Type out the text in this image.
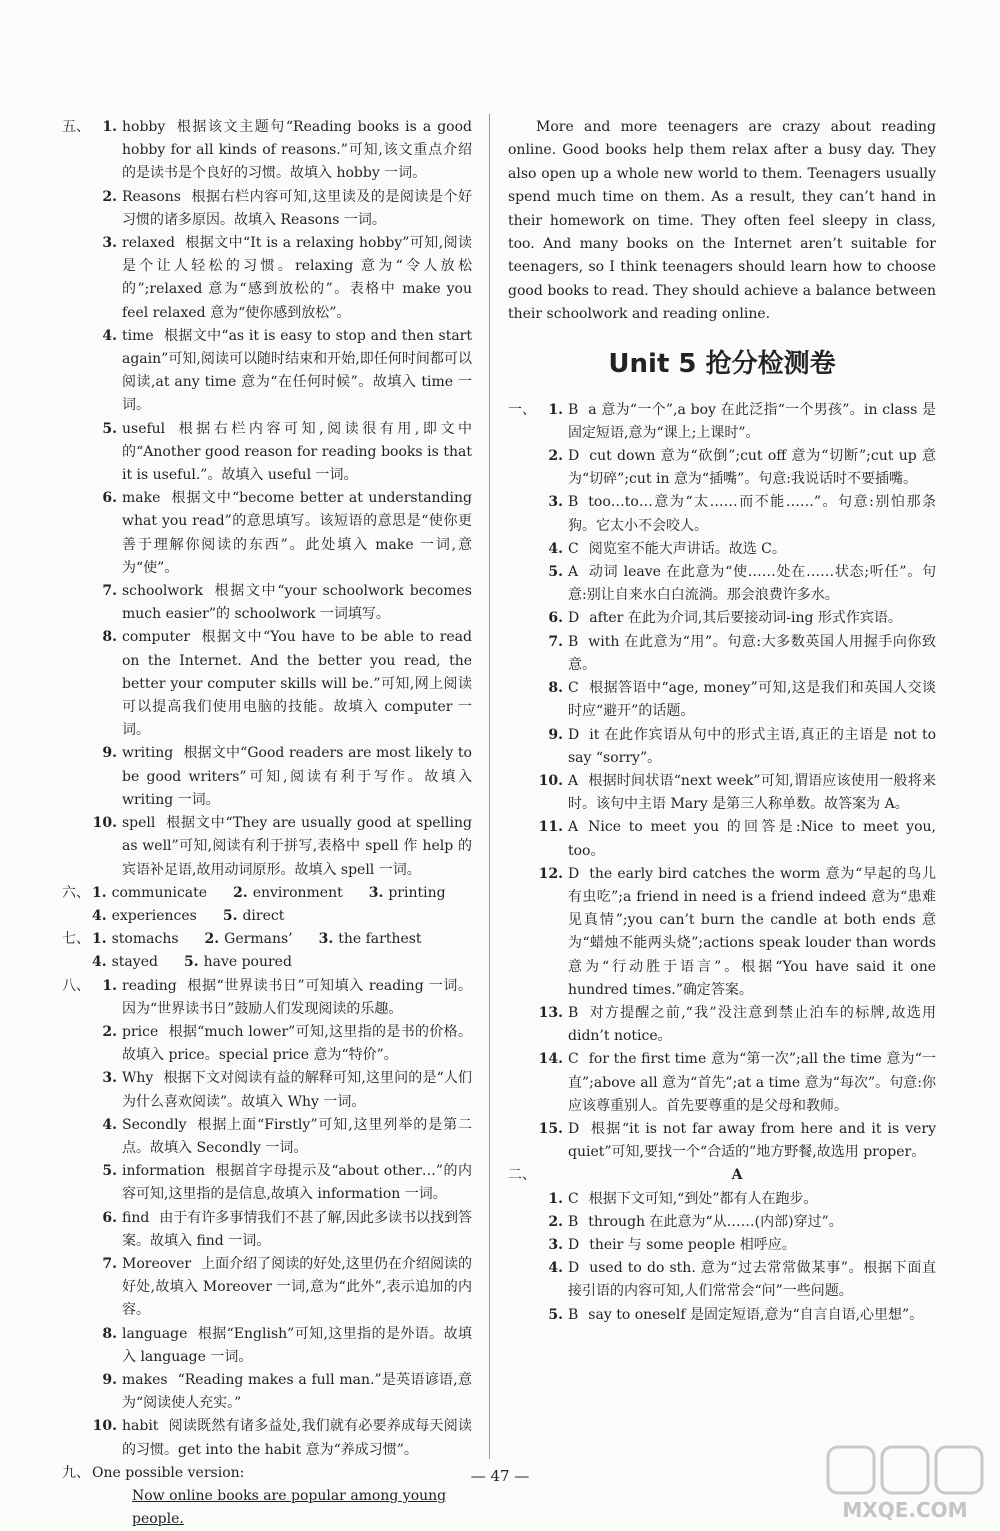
五、 1. hobby 根据该文主题句“Reading books is a good hobby for all kinds of reasons.”可知,该文重点介绍的是读书是个良好的习惯。故填入 hobby 一词。
2. Reasons 根据右栏内容可知,这里读及的是阅读是个好习惯的诸多原因。故填入 Reasons 一词。
3. relaxed 根据文中“It is a relaxing hobby”可知,阅读是个让人轻松的习惯。relaxing 意为“令人放松的”;relaxed 意为“感到放松的”。表格中 make you feel relaxed 意为“使你感到放松”。
4. time 根据文中“as it is easy to stop and then start again”可知,阅读可以随时结束和开始,即任何时间都可以阅读,at any time 意为“在任何时候”。故填入 time 一词。
5. useful 根据右栏内容可知,阅读很有用,即文中的“Another good reason for reading books is that it is useful.”。故填入 useful 一词。
6. make 根据文中“become better at understanding what you read”的意思填写。该短语的意思是“使你更善于理解你阅读的东西”。此处填入 make 一词,意为“使”。
7. schoolwork 根据文中“your schoolwork becomes much easier”的 schoolwork 一词填写。
8. computer 根据文中“You have to be able to read on the Internet. And the better you read, the better your computer skills will be.”可知,网上阅读可以提高我们使用电脑的技能。故填入 computer 一词。
9. writing 根据文中“Good readers are most likely to be good writers”可知,阅读有利于写作。故填入 writing 一词。
10. spell 根据文中“They are usually good at spelling as well”可知,阅读有利于拼写,表格中 spell 作 help 的宾语补足语,故用动词原形。故填入 spell 一词。
六、 1. communicate 2. environment 3. printing
4. experiences 5. direct
七、 1. stomachs 2. Germans’ 3. the farthest
4. stayed 5. have poured
八、 1. reading 根据“世界读书日”可知填入 reading 一词。因为“世界读书日”鼓励人们发现阅读的乐趣。
2. price 根据“much lower”可知,这里指的是书的价格。故填入 price。special price 意为“特价”。
3. Why 根据下文对阅读有益的解释可知,这里问的是“人们为什么喜欢阅读”。故填入 Why 一词。
4. Secondly 根据上面“Firstly”可知,这里列举的是第二点。故填入 Secondly 一词。
5. information 根据首字母提示及“about other…”的内容可知,这里指的是信息,故填入 information 一词。
6. find 由于有许多事情我们不甚了解,因此多读书以找到答案。故填入 find 一词。
7. Moreover 上面介绍了阅读的好处,这里仍在介绍阅读的好处,故填入 Moreover 一词,意为“此外”,表示追加的内容。
8. language 根据“English”可知,这里指的是外语。故填入 language 一词。
9. makes “Reading makes a full man.”是英语谚语,意为“阅读使人充实。”
10. habit 阅读既然有诸多益处,我们就有必要养成每天阅读的习惯。get into the habit 意为“养成习惯”。
九、 One possible version:
Now online books are popular among young people.

More and more teenagers are crazy about reading online. Good books help them relax after a busy day. They also open up a whole new world to them. Teenagers usually spend much time on them. As a result, they can’t hand in their homework on time. They often feel sleepy in class, too. And many books on the Internet aren’t suitable for teenagers, so I think teenagers should learn how to choose good books to read. They should achieve a balance between their schoolwork and reading online.

Unit 5 抢分检测卷
一、 1. B a 意为“一个”,a boy 在此泛指“一个男孩”。in class 是固定短语,意为“课上;上课时”。
2. D cut down 意为“砍倒”;cut off 意为“切断”;cut up 意为“切碎”;cut in 意为“插嘴”。句意:我说话时不要插嘴。
3. B too…to…意为“太……而不能……”。句意:别怕那条狗。它太小不会咬人。
4. C 阅览室不能大声讲话。故选 C。
5. A 动词 leave 在此意为“使……处在……状态;听任”。句意:别让自来水白白流淌。那会浪费许多水。
6. D after 在此为介词,其后要接动词-ing 形式作宾语。
7. B with 在此意为“用”。句意:大多数英国人用握手向你致意。
8. C 根据答语中“age, money”可知,这是我们和英国人交谈时应“避开”的话题。
9. D it 在此作宾语从句中的形式主语,真正的主语是 not to say “sorry”。
10. A 根据时间状语“next week”可知,谓语应该使用一般将来时。该句中主语 Mary 是第三人称单数。故答案为 A。
11. A Nice to meet you 的回答是:Nice to meet you, too。
12. D the early bird catches the worm 意为“早起的鸟儿有虫吃”;a friend in need is a friend indeed 意为“患难见真情”;you can’t burn the candle at both ends 意为“蜡烛不能两头烧”;actions speak louder than words 意为“行动胜于语言”。根据“You have said it one hundred times.”确定答案。
13. B 对方提醒之前,“我”没注意到禁止泊车的标牌,故选用 didn’t notice。
14. C for the first time 意为“第一次”;all the time 意为“一直”;above all 意为“首先”;at a time 意为“每次”。句意:你应该尊重别人。首先要尊重的是父母和教师。
15. D 根据“it is not far away from here and it is very quiet”可知,要找一个“合适的”地方野餐,故选用 proper。
二、	A
1. C 根据下文可知,“到处”都有人在跑步。
2. B through 在此意为“从……(内部)穿过”。
3. D their 与 some people 相呼应。
4. D used to do sth. 意为“过去常常做某事”。根据下面直接引语的内容可知,人们常常会“问”一些问题。
5. B say to oneself 是固定短语,意为“自言自语,心里想”。
— 47 —
MXQE.COM
